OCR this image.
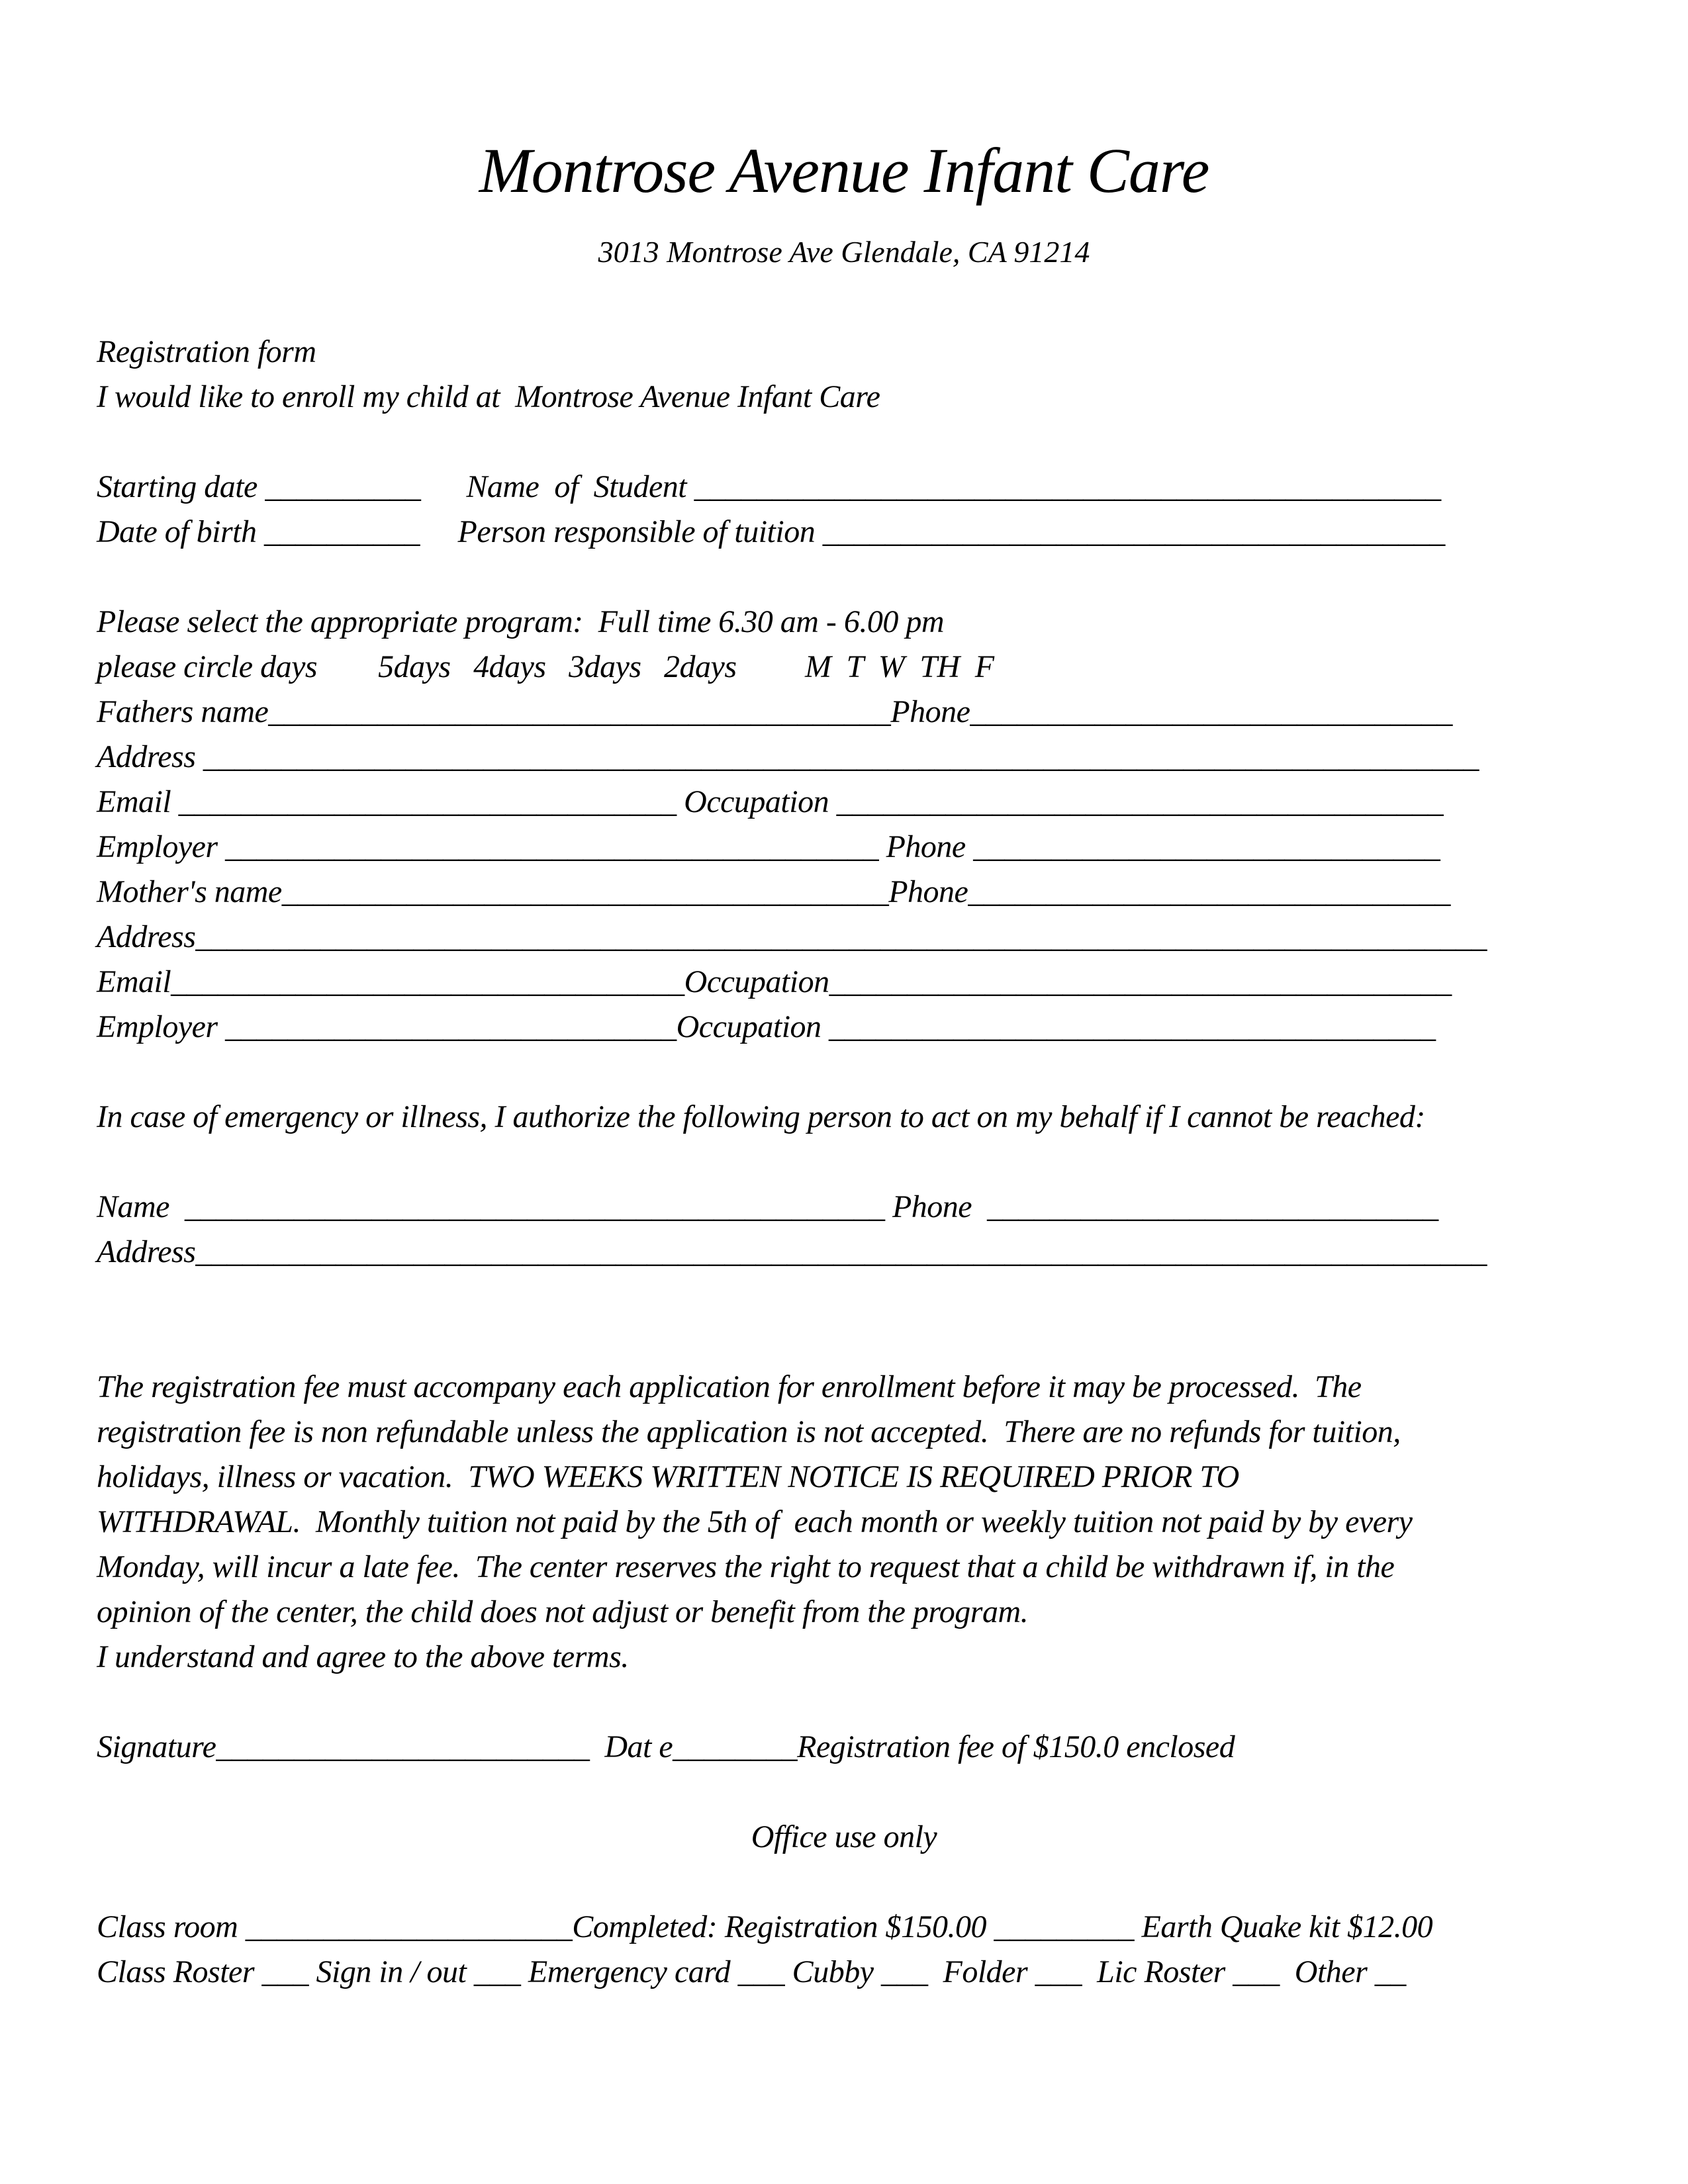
Montrose Avenue Infant Care
3013 Montrose Ave Glendale, CA 91214
Registration form
I would like to enroll my child at  Montrose Avenue Infant Care
Starting date __________      Name  of  Student ________________________________________________
Date of birth __________     Person responsible of tuition ________________________________________
Please select the appropriate program:  Full time 6.30 am - 6.00 pm
please circle days        5days   4days   3days   2days         M  T  W  TH  F
Fathers name________________________________________Phone_______________________________
Address __________________________________________________________________________________
Email ________________________________ Occupation _______________________________________
Employer __________________________________________ Phone ______________________________
Mother's name_______________________________________Phone_______________________________
Address___________________________________________________________________________________
Email_________________________________Occupation________________________________________
Employer _____________________________Occupation _______________________________________
In case of emergency or illness, I authorize the following person to act on my behalf if I cannot be reached:
Name  _____________________________________________ Phone  _____________________________
Address___________________________________________________________________________________
The registration fee must accompany each application for enrollment before it may be processed.  The
registration fee is non refundable unless the application is not accepted.  There are no refunds for tuition,
holidays, illness or vacation.  TWO WEEKS WRITTEN NOTICE IS REQUIRED PRIOR TO
WITHDRAWAL.  Monthly tuition not paid by the 5th of  each month or weekly tuition not paid by by every
Monday, will incur a late fee.  The center reserves the right to request that a child be withdrawn if, in the
opinion of the center, the child does not adjust or benefit from the program.
I understand and agree to the above terms.
Signature________________________  Dat e________Registration fee of $150.0 enclosed
Office use only
Class room _____________________Completed: Registration $150.00 _________ Earth Quake kit $12.00
Class Roster ___ Sign in / out ___ Emergency card ___ Cubby ___  Folder ___  Lic Roster ___  Other __
